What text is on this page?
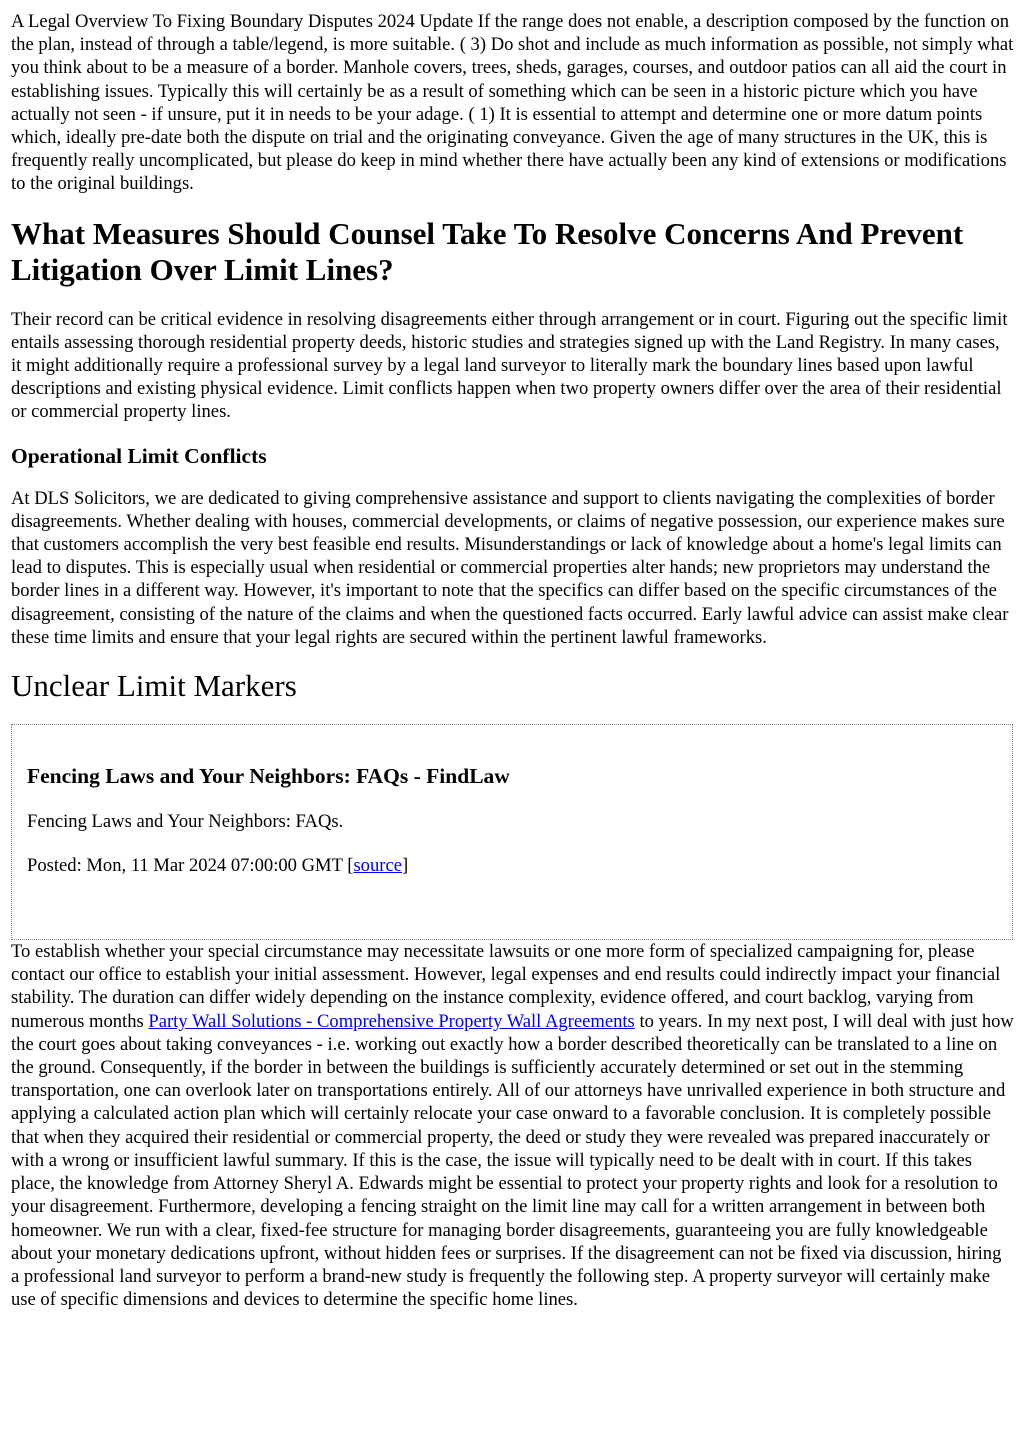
A Legal Overview To Fixing Boundary Disputes 2024 Update If the range does not enable, a description composed by the function on the plan, instead of through a table/legend, is more suitable. ( 3) Do shot and include as much information as possible, not simply what you think about to be a measure of a border. Manhole covers, trees, sheds, garages, courses, and outdoor patios can all aid the court in establishing issues. Typically this will certainly be as a result of something which can be seen in a historic picture which you have actually not seen - if unsure, put it in needs to be your adage. ( 1) It is essential to attempt and determine one or more datum points which, ideally pre-date both the dispute on trial and the originating conveyance. Given the age of many structures in the UK, this is frequently really uncomplicated, but please do keep in mind whether there have actually been any kind of extensions or modifications to the original buildings.

What Measures Should Counsel Take To Resolve Concerns And Prevent Litigation Over Limit Lines?

Their record can be critical evidence in resolving disagreements either through arrangement or in court. Figuring out the specific limit entails assessing thorough residential property deeds, historic studies and strategies signed up with the Land Registry. In many cases, it might additionally require a professional survey by a legal land surveyor to literally mark the boundary lines based upon lawful descriptions and existing physical evidence. Limit conflicts happen when two property owners differ over the area of their residential or commercial property lines.

Operational Limit Conflicts

At DLS Solicitors, we are dedicated to giving comprehensive assistance and support to clients navigating the complexities of border disagreements. Whether dealing with houses, commercial developments, or claims of negative possession, our experience makes sure that customers accomplish the very best feasible end results. Misunderstandings or lack of knowledge about a home's legal limits can lead to disputes. This is especially usual when residential or commercial properties alter hands; new proprietors may understand the border lines in a different way. However, it's important to note that the specifics can differ based on the specific circumstances of the disagreement, consisting of the nature of the claims and when the questioned facts occurred. Early lawful advice can assist make clear these time limits and ensure that your legal rights are secured within the pertinent lawful frameworks.

Unclear Limit Markers
Fencing Laws and Your Neighbors: FAQs - FindLaw

Fencing Laws and Your Neighbors: FAQs.

Posted: Mon, 11 Mar 2024 07:00:00 GMT [source]

To establish whether your special circumstance may necessitate lawsuits or one more form of specialized campaigning for, please contact our office to establish your initial assessment. However, legal expenses and end results could indirectly impact your financial stability. The duration can differ widely depending on the instance complexity, evidence offered, and court backlog, varying from numerous months Party Wall Solutions - Comprehensive Property Wall Agreements to years. In my next post, I will deal with just how the court goes about taking conveyances - i.e. working out exactly how a border described theoretically can be translated to a line on the ground. Consequently, if the border in between the buildings is sufficiently accurately determined or set out in the stemming transportation, one can overlook later on transportations entirely. All of our attorneys have unrivalled experience in both structure and applying a calculated action plan which will certainly relocate your case onward to a favorable conclusion. It is completely possible that when they acquired their residential or commercial property, the deed or study they were revealed was prepared inaccurately or with a wrong or insufficient lawful summary. If this is the case, the issue will typically need to be dealt with in court. If this takes place, the knowledge from Attorney Sheryl A. Edwards might be essential to protect your property rights and look for a resolution to your disagreement. Furthermore, developing a fencing straight on the limit line may call for a written arrangement in between both homeowner. We run with a clear, fixed-fee structure for managing border disagreements, guaranteeing you are fully knowledgeable about your monetary dedications upfront, without hidden fees or surprises. If the disagreement can not be fixed via discussion, hiring a professional land surveyor to perform a brand-new study is frequently the following step. A property surveyor will certainly make use of specific dimensions and devices to determine the specific home lines.
